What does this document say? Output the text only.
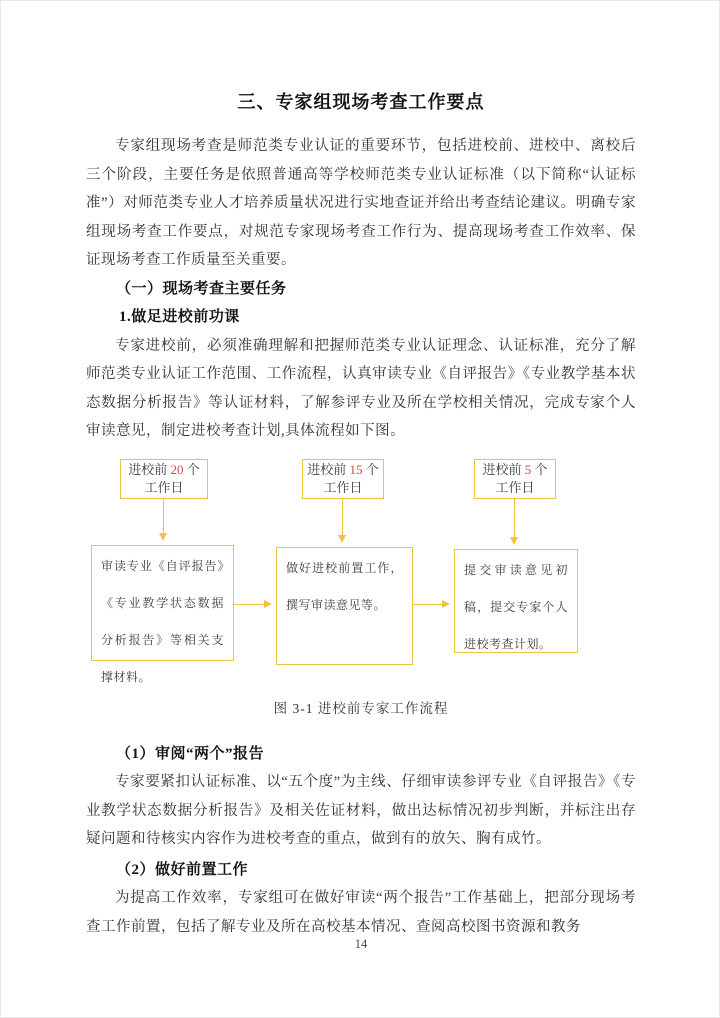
三、专家组现场考查工作要点

专家组现场考查是师范类专业认证的重要环节，包括进校前、进校中、离校后三个阶段，主要任务是依照普通高等学校师范类专业认证标准（以下简称“认证标准”）对师范类专业人才培养质量状况进行实地查证并给出考查结论建议。明确专家组现场考查工作要点，对规范专家现场考查工作行为、提高现场考查工作效率、保证现场考查工作质量至关重要。

（一）现场考查主要任务
1.做足进校前功课

专家进校前，必须准确理解和把握师范类专业认证理念、认证标准，充分了解师范类专业认证工作范围、工作流程，认真审读专业《自评报告》《专业教学基本状态数据分析报告》等认证材料，了解参评专业及所在学校相关情况，完成专家个人审读意见，制定进校考查计划,具体流程如下图。

进校前 20 个
工作日
进校前 15 个
工作日
进校前 5 个
工作日
审读专业《自评报告》《专业教学状态数据分析报告》等相关支撑材料。
做好进校前置工作，撰写审读意见等。
提交审读意见初稿，提交专家个人进校考查计划。
图 3-1 进校前专家工作流程
（1）审阅“两个”报告

专家要紧扣认证标准、以“五个度”为主线、仔细审读参评专业《自评报告》《专业教学状态数据分析报告》及相关佐证材料，做出达标情况初步判断，并标注出存疑问题和待核实内容作为进校考查的重点，做到有的放矢、胸有成竹。

（2）做好前置工作

为提高工作效率，专家组可在做好审读“两个报告”工作基础上，把部分现场考查工作前置，包括了解专业及所在高校基本情况、查阅高校图书资源和教务

14
